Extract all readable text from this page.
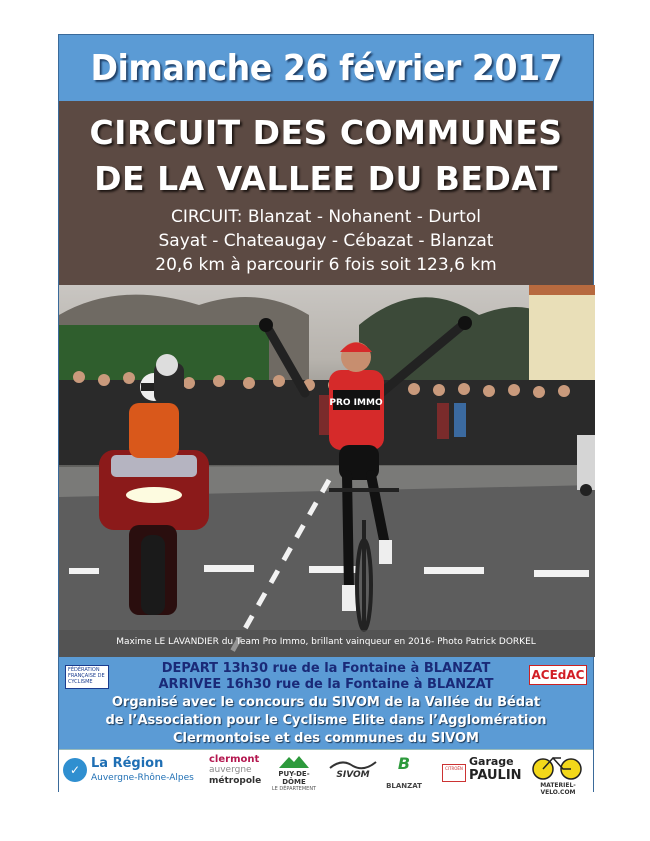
Dimanche 26 février 2017
CIRCUIT DES COMMUNES
DE LA VALLEE DU BEDAT
CIRCUIT: Blanzat - Nohanent - Durtol
Sayat - Chateaugay - Cébazat - Blanzat
20,6 km à parcourir 6 fois soit 123,6 km
PRO IMMO
Maxime LE LAVANDIER du Team Pro Immo, brillant vainqueur en 2016- Photo Patrick DORKEL
FÉDÉRATION FRANÇAISE DE CYCLISME	ACEdAC
DEPART 13h30 rue de la Fontaine à BLANZAT
ARRIVEE 16h30 rue de la Fontaine à BLANZAT
Organisé avec le concours du SIVOM de la Vallée du Bédat
de l’Association pour le Cyclisme Elite dans l’Agglomération
Clermontoise et des communes du SIVOM
✓ La Région
Auvergne-Rhône-Alpes
clermont
auvergne
métropole
PUY-DE-DÔME
LE DÉPARTEMENT
SIVOM
B
BLANZAT
CITROËN
Garage
PAULIN
MATERIEL-VELO.COM
